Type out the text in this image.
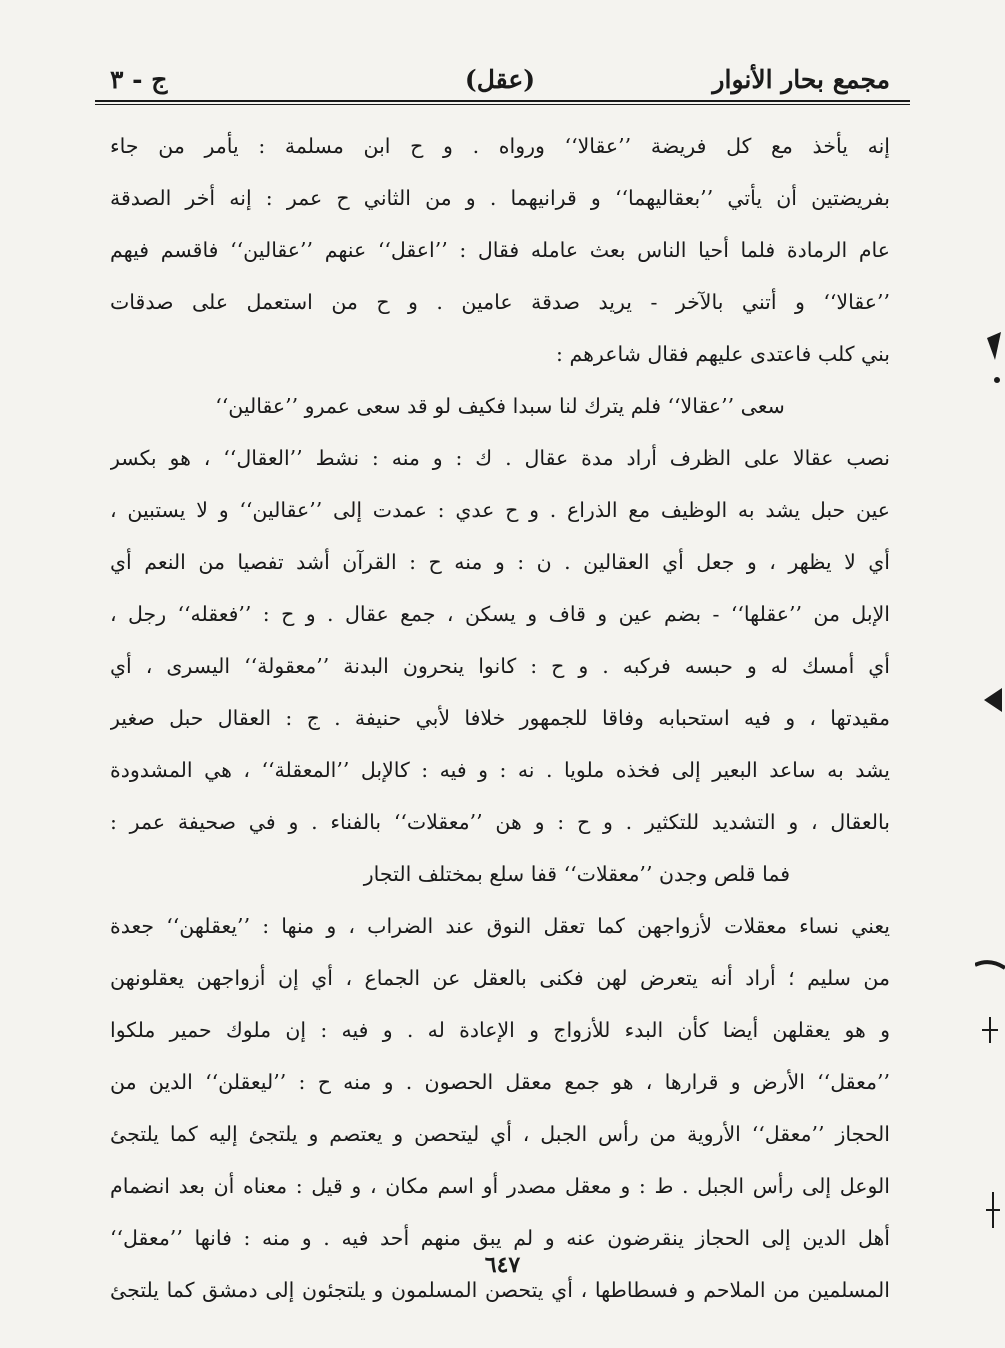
مجمع بحار الأنوار
(عقل)
ج - ٣
إنه يأخذ مع كل فريضة ’’عقالا‘‘ ورواه . و ح ابن مسلمة : يأمر من جاء
بفريضتين أن يأتي ’’بعقاليهما‘‘ و قرانيهما . و من الثاني ح عمر : إنه أخر الصدقة
عام الرمادة فلما أحيا الناس بعث عامله فقال : ’’اعقل‘‘ عنهم ’’عقالين‘‘ فاقسم فيهم
’’عقالا‘‘ و أتني بالآخر - يريد صدقة عامين . و ح من استعمل على صدقات
بني كلب فاعتدى عليهم فقال شاعرهم :
سعى ’’عقالا‘‘ فلم يترك لنا سبدا فكيف لو قد سعى عمرو ’’عقالين‘‘
نصب عقالا على الظرف أراد مدة عقال . ك : و منه : نشط ’’العقال‘‘ ، هو بكسر
عين حبل يشد به الوظيف مع الذراع . و ح عدي : عمدت إلى ’’عقالين‘‘ و لا يستبين ،
أي لا يظهر ، و جعل أي العقالين . ن : و منه ح : القرآن أشد تفصيا من النعم أي
الإبل من ’’عقلها‘‘ - بضم عين و قاف و يسكن ، جمع عقال . و ح : ’’فعقله‘‘ رجل ،
أي أمسك له و حبسه فركبه . و ح : كانوا ينحرون البدنة ’’معقولة‘‘ اليسرى ، أي
مقيدتها ، و فيه استحبابه وفاقا للجمهور خلافا لأبي حنيفة . ج : العقال حبل صغير
يشد به ساعد البعير إلى فخذه ملويا . نه : و فيه : كالإبل ’’المعقلة‘‘ ، هي المشدودة
بالعقال ، و التشديد للتكثير . و ح : و هن ’’معقلات‘‘ بالفناء . و في صحيفة عمر :
فما قلص وجدن ’’معقلات‘‘ قفا سلع بمختلف التجار
يعني نساء معقلات لأزواجهن كما تعقل النوق عند الضراب ، و منها : ’’يعقلهن‘‘ جعدة
من سليم ؛ أراد أنه يتعرض لهن فكنى بالعقل عن الجماع ، أي إن أزواجهن يعقلونهن
و هو يعقلهن أيضا كأن البدء للأزواج و الإعادة له . و فيه : إن ملوك حمير ملكوا
’’معقل‘‘ الأرض و قرارها ، هو جمع معقل الحصون . و منه ح : ’’ليعقلن‘‘ الدين من
الحجاز ’’معقل‘‘ الأروية من رأس الجبل ، أي ليتحصن و يعتصم و يلتجئ إليه كما يلتجئ
الوعل إلى رأس الجبل . ط : و معقل مصدر أو اسم مكان ، و قيل : معناه أن بعد انضمام
أهل الدين إلى الحجاز ينقرضون عنه و لم يبق منهم أحد فيه . و منه : فانها ’’معقل‘‘
المسلمين من الملاحم و فسطاطها ، أي يتحصن المسلمون و يلتجئون إلى دمشق كما يلتجئ
٦٤٧
